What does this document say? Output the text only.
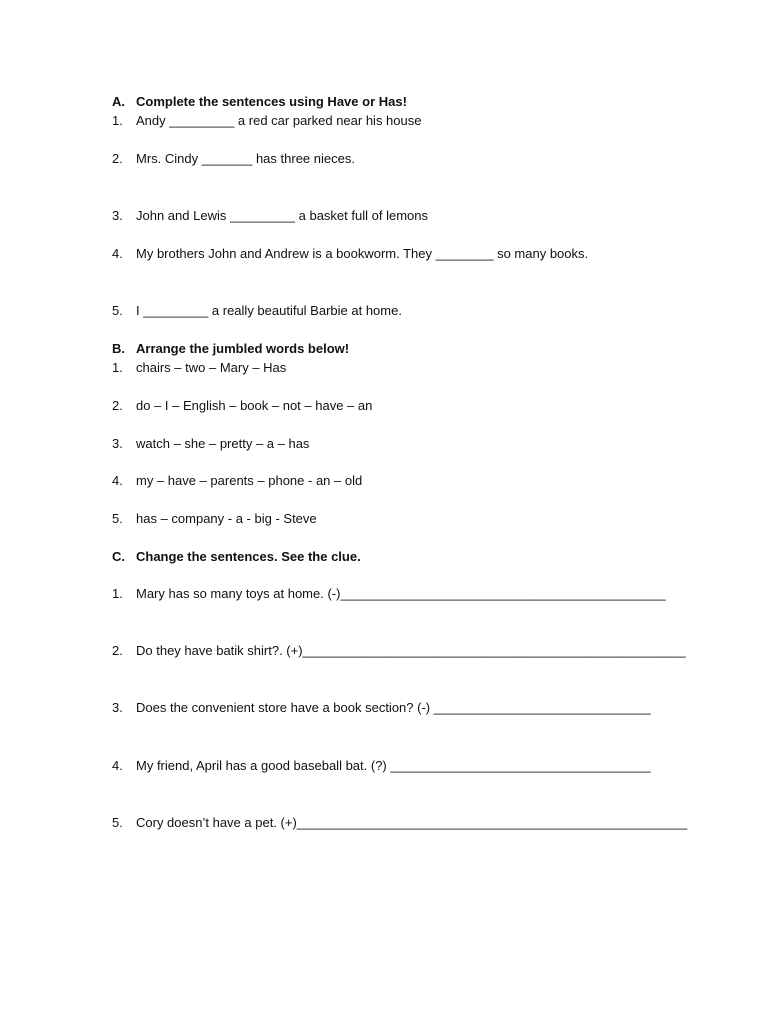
A. Complete the sentences using Have or Has!
1.	Andy _________ a red car parked near his house
2.	Mrs. Cindy _______ has three nieces.
3.	John and Lewis _________ a basket full of lemons
4.	My brothers John and Andrew is a bookworm. They ________ so many books.
5.	I _________ a really beautiful Barbie at home.
B. Arrange the jumbled words below!
1.	chairs – two – Mary – Has
2.	do – I – English – book – not – have – an
3.	watch – she – pretty – a – has
4.	my – have – parents – phone - an – old
5.	has – company - a - big - Steve
C. Change the sentences. See the clue.
1.	Mary has so many toys at home. (-)_____________________________________________
2.	Do they have batik shirt?. (+)_____________________________________________________
3.	Does the convenient store have a book section? (-) ______________________________
4.	My friend, April has a good baseball bat. (?) ____________________________________
5.	Cory doesn’t have a pet. (+)______________________________________________________
